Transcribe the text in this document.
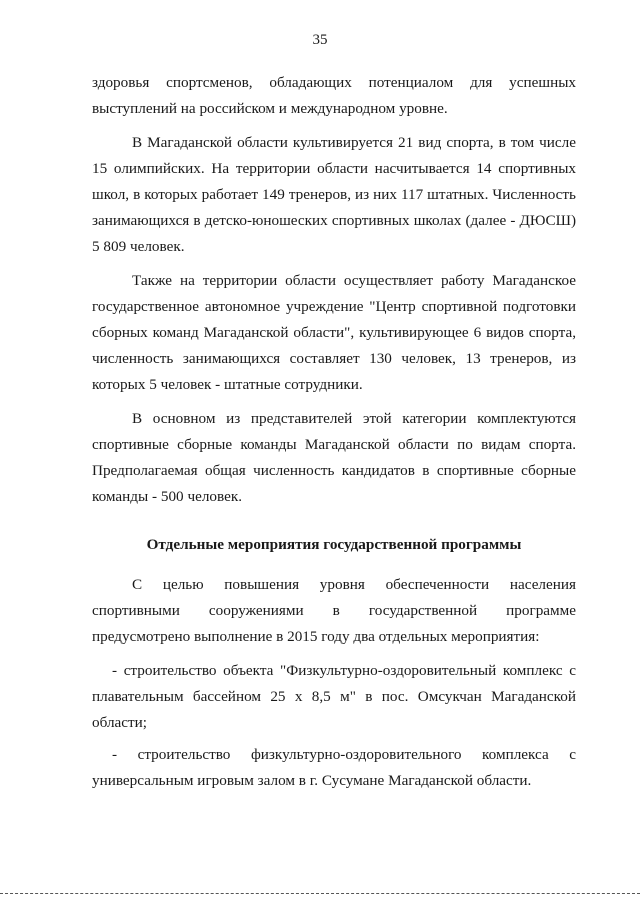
35

здоровья спортсменов, обладающих потенциалом для успешных выступлений на российском и международном уровне.

В Магаданской области культивируется 21 вид спорта, в том числе 15 олимпийских. На территории области насчитывается 14 спортивных школ, в которых работает 149 тренеров, из них 117 штатных. Численность занимающихся в детско-юношеских спортивных школах (далее - ДЮСШ) 5 809 человек.

Также на территории области осуществляет работу Магаданское государственное автономное учреждение "Центр спортивной подготовки сборных команд Магаданской области", культивирующее 6 видов спорта, численность занимающихся составляет 130 человек, 13 тренеров, из которых 5 человек - штатные сотрудники.

В основном из представителей этой категории комплектуются спортивные сборные команды Магаданской области по видам спорта. Предполагаемая общая численность кандидатов в спортивные сборные команды - 500 человек.

Отдельные мероприятия государственной программы

С целью повышения уровня обеспеченности населения спортивными сооружениями в государственной программе предусмотрено выполнение в 2015 году два отдельных мероприятия:

- строительство объекта "Физкультурно-оздоровительный комплекс с плавательным бассейном 25 x 8,5 м" в пос. Омсукчан Магаданской области;

- строительство физкультурно-оздоровительного комплекса с универсальным игровым залом в г. Сусумане Магаданской области.
